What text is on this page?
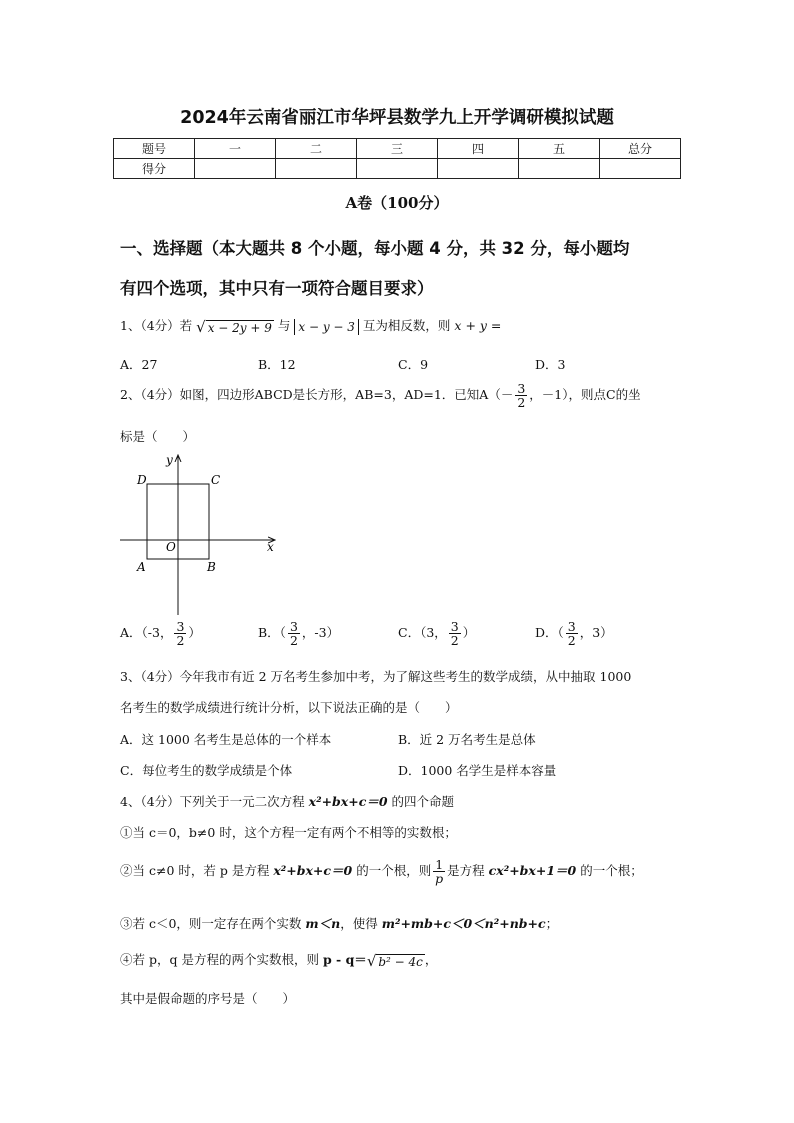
2024年云南省丽江市华坪县数学九上开学调研模拟试题
题号	一	二	三	四	五	总分
得分						
A卷（100分）
一、选择题（本大题共 8 个小题，每小题 4 分，共 32 分，每小题均
有四个选项，其中只有一项符合题目要求）
1、（4分）若 √ x − 2y + 9 与 x − y − 3 互为相反数，则 x + y =
A．27	B．12	C．9	D．3
2、（4分）如图，四边形ABCD是长方形，AB=3，AD=1．已知$A(- \frac{3}{2}$ ，－1），则点C的坐
标是（　　）
y
x
D	C
O
A	B
A．（-3， $\frac{3}{2}$ ）	B．（ $\frac{3}{2}$ ，-3）	C．（3， $\frac{3}{2}$ ）	D．（ $\frac{3}{2}$ ，3）
3、（4分）今年我市有近 2 万名考生参加中考，为了解这些考生的数学成绩，从中抽取 1000
名考生的数学成绩进行统计分析，以下说法正确的是（　　）
A．这 1000 名考生是总体的一个样本	B．近 2 万名考生是总体
C．每位考生的数学成绩是个体	D．1000 名学生是样本容量
4、（4分）下列关于一元二次方程 x²+bx+c＝0 的四个命题
①当 c＝0，b≠0 时，这个方程一定有两个不相等的实数根；
②当 c≠0 时，若 p 是方程 x²+bx+c＝0 的一个根，则 $\frac{1}{p}$ 是方程 cx²+bx+1＝0 的一个根；
③若 c＜0，则一定存在两个实数 m＜n，使得 m²+mb+c＜0＜n²+nb+c；
④若 p，q 是方程的两个实数根，则 p - q＝√ b² − 4c ，
其中是假命题的序号是（　　）
